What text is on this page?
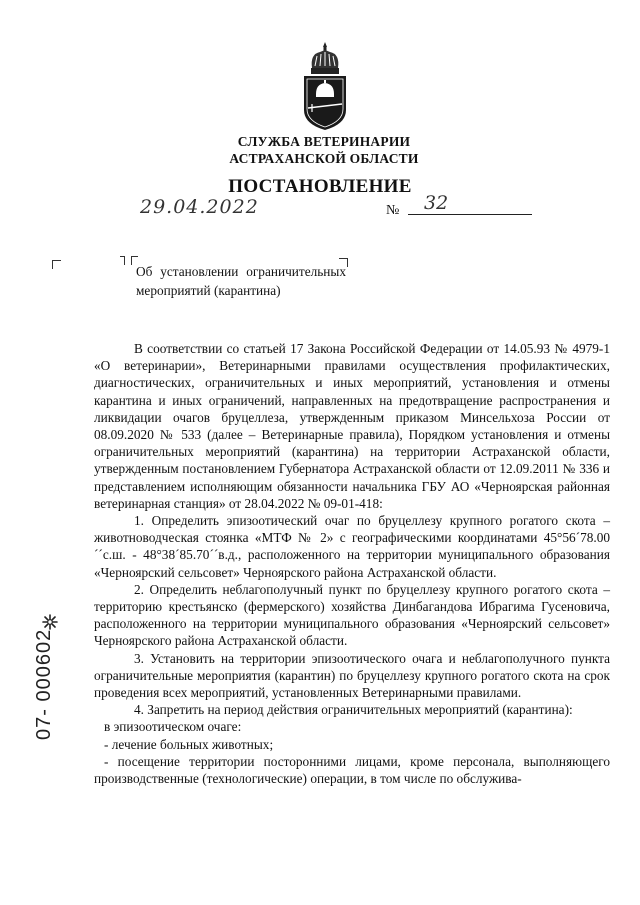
СЛУЖБА ВЕТЕРИНАРИИ
АСТРАХАНСКОЙ ОБЛАСТИ
ПОСТАНОВЛЕНИЕ
29.04.2022	№ 32
Об установлении ограничительных мероприятий (карантина)

В соответствии со статьей 17 Закона Российской Федерации от 14.05.93 № 4979-1 «О ветеринарии», Ветеринарными правилами осуществления профилактических, диагностических, ограничительных и иных мероприятий, установления и отмены карантина и иных ограничений, направленных на предотвращение распространения и ликвидации очагов бруцеллеза, утвержденным приказом Минсельхоза России от 08.09.2020 № 533 (далее – Ветеринарные правила), Порядком установления и отмены ограничительных мероприятий (карантина) на территории Астраханской области, утвержденным постановлением Губернатора Астраханской области от 12.09.2011 № 336 и представлением исполняющим обязанности начальника ГБУ АО «Черноярская районная ветеринарная станция» от 28.04.2022 № 09-01-418:

1. Определить эпизоотический очаг по бруцеллезу крупного рогатого скота – животноводческая стоянка «МТФ № 2» с географическими координатами 45°56´78.00´´с.ш. - 48°38´85.70´´в.д., расположенного на территории муниципального образования «Черноярский сельсовет» Черноярского района Астраханской области.

2. Определить неблагополучный пункт по бруцеллезу крупного рогатого скота – территорию крестьянско (фермерского) хозяйства Динбагандова Ибрагима Гусеновича, расположенного на территории муниципального образования «Черноярский сельсовет» Черноярского района Астраханской области.

3. Установить на территории эпизоотического очага и неблагополучного пункта ограничительные мероприятия (карантин) по бруцеллезу крупного рогатого скота на срок проведения всех мероприятий, установленных Ветеринарными правилами.

4. Запретить на период действия ограничительных мероприятий (карантина):

в эпизоотическом очаге:

- лечение больных животных;

- посещение территории посторонними лицами, кроме персонала, выполняющего производственные (технологические) операции, в том числе по обслужива-

07- 000602
